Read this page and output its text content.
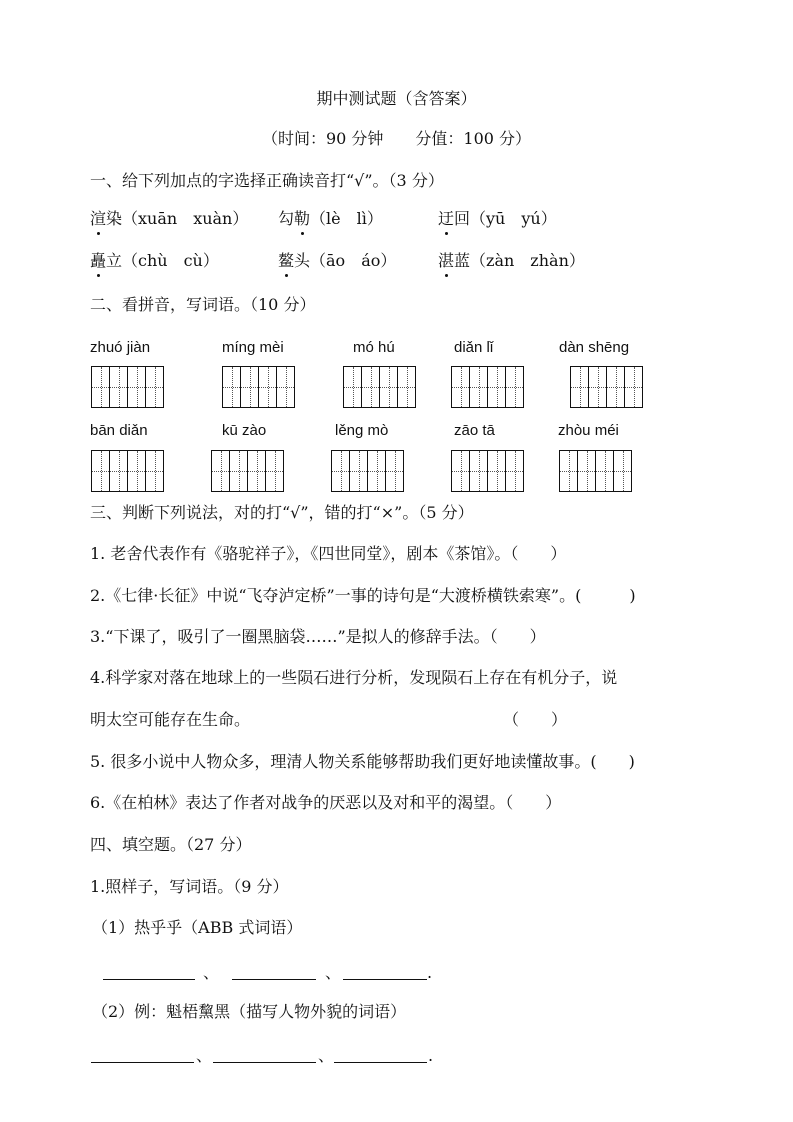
期中测试题（含答案）
（时间：90 分钟　　分值：100 分）
一、给下列加点的字选择正确读音打“√”。（3 分）
渲染（xuān　xuàn） 勾勒（lè　lì）	迂回（yū　yú）
矗立（chù　cù）	鳌头（āo　áo）	湛蓝（zàn　zhàn）
二、看拼音，写词语。（10 分）
zhuó jiàn	míng mèi	mó hú	diǎn lǐ	dàn shēng
bān diǎn	kū zào	lěng mò	zāo tā	zhòu méi
三、判断下列说法，对的打“√”，错的打“×”。（5 分）
1. 老舍代表作有《骆驼祥子》，《四世同堂》，剧本《茶馆》。（　　）
2.《七律·长征》中说“飞夺泸定桥”一事的诗句是“大渡桥横铁索寒”。(　　　)
3.“下课了，吸引了一圈黑脑袋……”是拟人的修辞手法。（　　）
4.科学家对落在地球上的一些陨石进行分析，发现陨石上存在有机分子，说
明太空可能存在生命。	（　　）
5. 很多小说中人物众多，理清人物关系能够帮助我们更好地读懂故事。(　　)
6.《在柏林》表达了作者对战争的厌恶以及对和平的渴望。（　　）
四、填空题。（27 分）
1.照样子，写词语。（9 分）
（1）热乎乎（ABB 式词语）
、	、	.
（2）例：魁梧黧黑（描写人物外貌的词语）
、	、	.
